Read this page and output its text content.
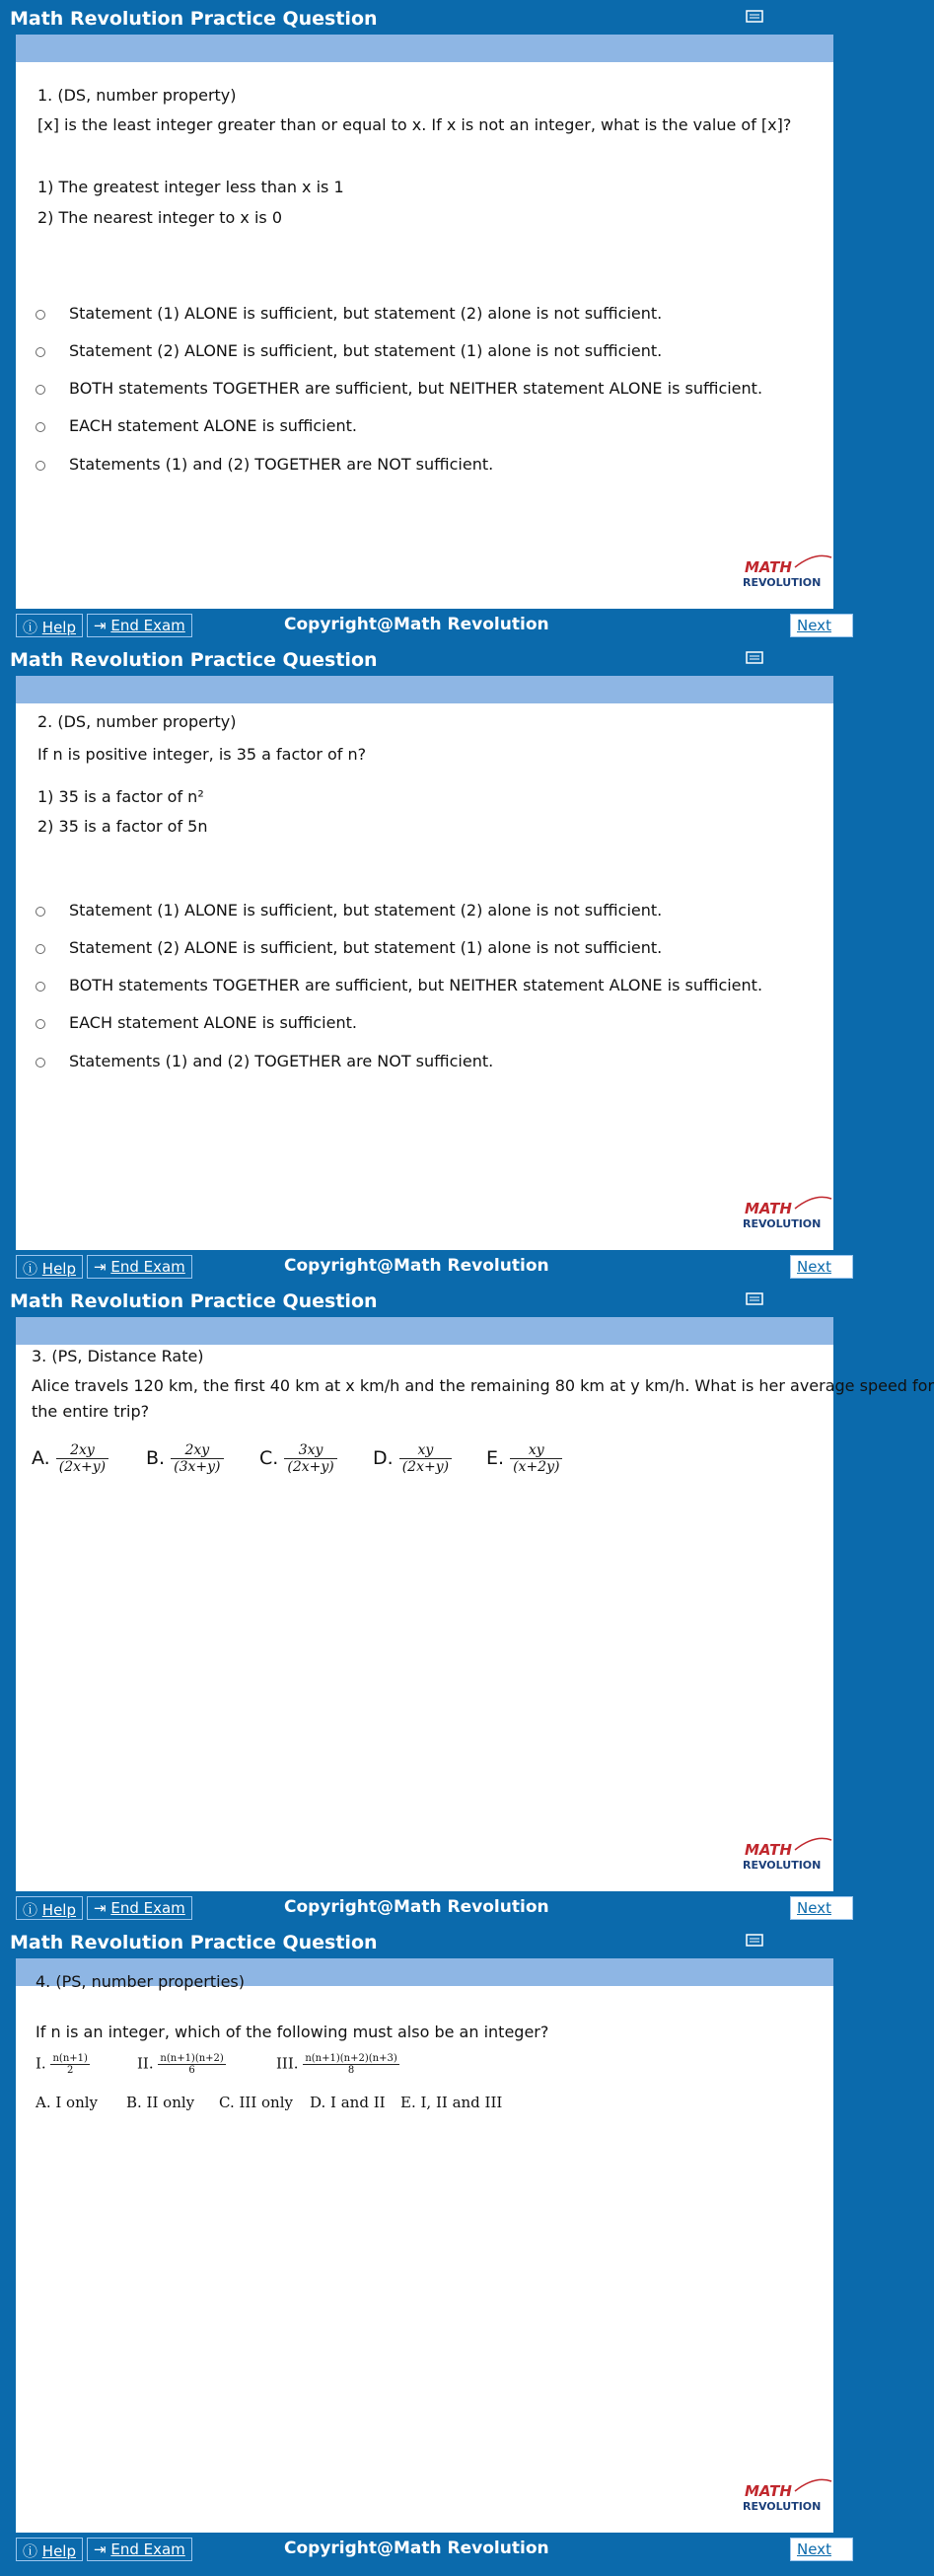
Math Revolution Practice Question
1. (DS, number property)
[x] is the least integer greater than or equal to x. If x is not an integer, what is the value of [x]?
1) The greatest integer less than x is 1
2) The nearest integer to x is 0
Statement (1) ALONE is sufficient, but statement (2) alone is not sufficient.
Statement (2) ALONE is sufficient, but statement (1) alone is not sufficient.
BOTH statements TOGETHER are sufficient, but NEITHER statement ALONE is sufficient.
EACH statement ALONE is sufficient.
Statements (1) and (2) TOGETHER are NOT sufficient.
MATH
REVOLUTION
ⓘ Help	⇥ End Exam	Copyright@Math Revolution	Next
Math Revolution Practice Question
2. (DS, number property)
If n is positive integer, is 35 a factor of n?
1) 35 is a factor of n²
2) 35 is a factor of 5n
Statement (1) ALONE is sufficient, but statement (2) alone is not sufficient.
Statement (2) ALONE is sufficient, but statement (1) alone is not sufficient.
BOTH statements TOGETHER are sufficient, but NEITHER statement ALONE is sufficient.
EACH statement ALONE is sufficient.
Statements (1) and (2) TOGETHER are NOT sufficient.
MATH
REVOLUTION
ⓘ Help	⇥ End Exam	Copyright@Math Revolution	Next
Math Revolution Practice Question
3. (PS, Distance Rate)
Alice travels 120 km, the first 40 km at x km/h and the remaining 80 km at y km/h. What is her average speed for
the entire trip?
A. $\frac{2xy}{(2x+y)} B$. $\frac{2xy}{(3x+y)} C$. $\frac{3xy}{(2x+y)} D$. $\frac{xy}{(2x+y)} E$. $\frac{xy}{(x+2y)}$
MATH
REVOLUTION
ⓘ Help	⇥ End Exam	Copyright@Math Revolution	Next
Math Revolution Practice Question
4. (PS, number properties)
If n is an integer, which of the following must also be an integer?
I. $\frac{n(n+1)}{2}$	II. $\frac{n(n+1)(n+2)}{6}$	III. $\frac{n(n+1)(n+2)(n+3)}{8}$
A. I only B. II only C. III only D. I and II E. I, II and III
MATH
REVOLUTION
ⓘ Help	⇥ End Exam	Copyright@Math Revolution	Next ➔
